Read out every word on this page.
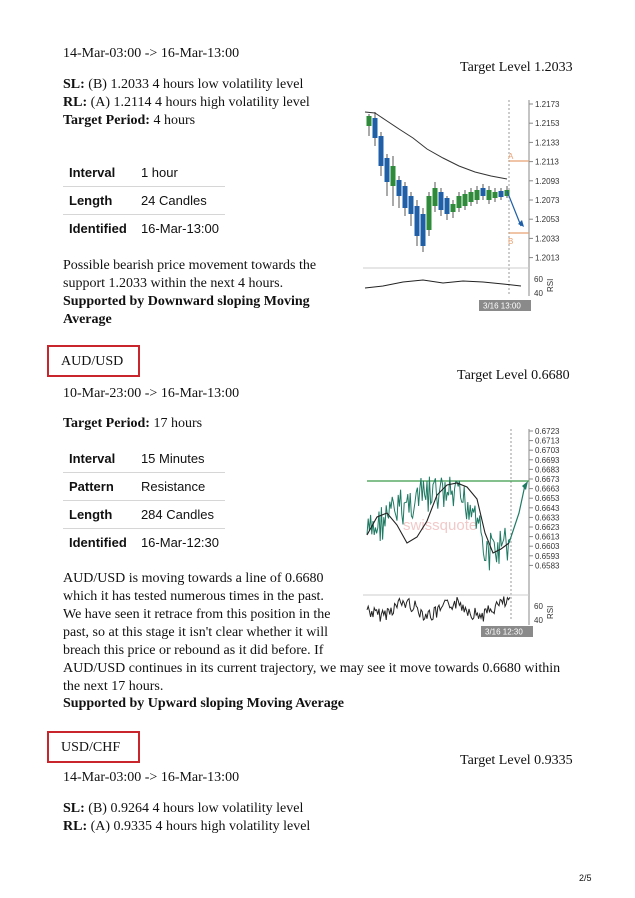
14-Mar-03:00 -> 16-Mar-13:00
Target Level 1.2033
SL: (B) 1.2033 4 hours low volatility level
RL: (A) 1.2114 4 hours high volatility level
Target Period: 4 hours
Interval	1 hour
Length	24 Candles
Identified	16-Mar-13:00
Possible bearish price movement towards the
support 1.2033 within the next 4 hours.
Supported by Downward sloping Moving
Average
1.2173
1.2153
1.2133
1.2113
1.2093
1.2073
1.2053
1.2033
1.2013
A
B
60
40
RSI
3/16 13:00
AUD/USD
Target Level 0.6680
10-Mar-23:00 -> 16-Mar-13:00
Target Period: 17 hours
Interval	15 Minutes
Pattern	Resistance
Length	284 Candles
Identified	16-Mar-12:30
AUD/USD is moving towards a line of 0.6680
which it has tested numerous times in the past.
We have seen it retrace from this position in the
past, so at this stage it isn't clear whether it will
breach this price or rebound as it did before. If
AUD/USD continues in its current trajectory, we may see it move towards 0.6680 within
the next 17 hours.
Supported by Upward sloping Moving Average
0.6723
0.6713
0.6703
0.6693
0.6683
0.6673
0.6663
0.6653
0.6643
0.6633
0.6623
0.6613
0.6603
0.6593
0.6583
swissquote
60
40
RSI
3/16 12:30
USD/CHF
Target Level 0.9335
14-Mar-03:00 -> 16-Mar-13:00
SL: (B) 0.9264 4 hours low volatility level
RL: (A) 0.9335 4 hours high volatility level
2/5
